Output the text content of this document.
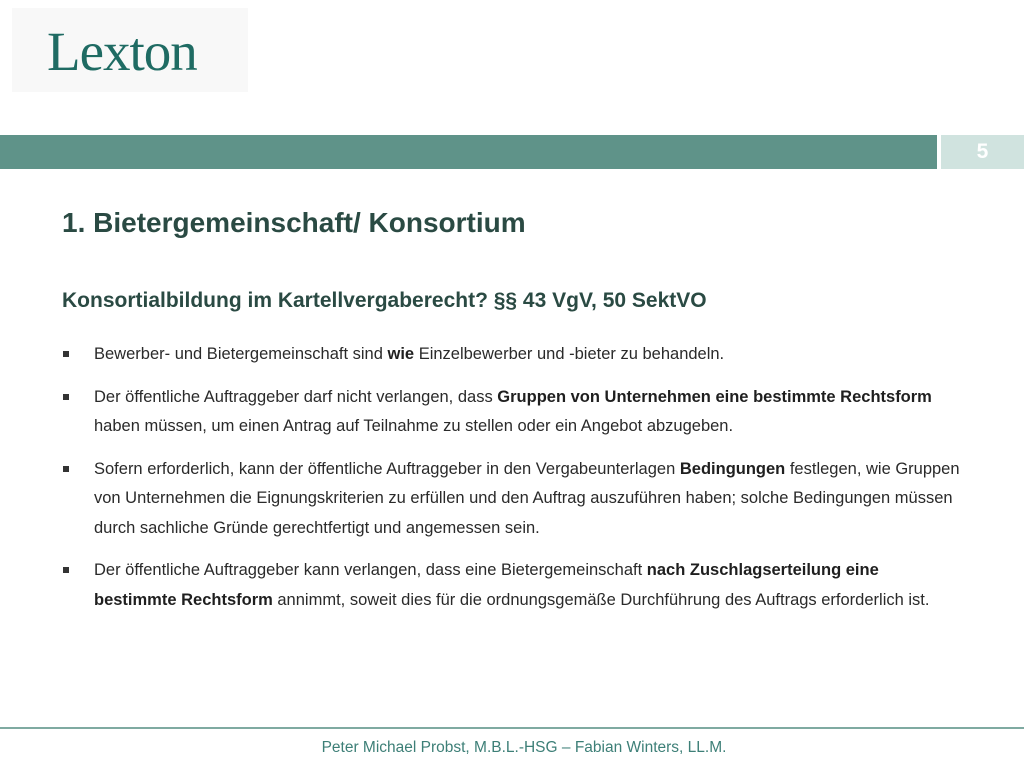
Lexton
5
1. Bietergemeinschaft/ Konsortium
Konsortialbildung im Kartellvergaberecht? §§ 43 VgV, 50 SektVO
Bewerber- und Bietergemeinschaft sind wie Einzelbewerber und -bieter zu behandeln.
Der öffentliche Auftraggeber darf nicht verlangen, dass Gruppen von Unternehmen eine bestimmte Rechtsform haben müssen, um einen Antrag auf Teilnahme zu stellen oder ein Angebot abzugeben.
Sofern erforderlich, kann der öffentliche Auftraggeber in den Vergabeunterlagen Bedingungen festlegen, wie Gruppen von Unternehmen die Eignungskriterien zu erfüllen und den Auftrag auszuführen haben; solche Bedingungen müssen durch sachliche Gründe gerechtfertigt und angemessen sein.
Der öffentliche Auftraggeber kann verlangen, dass eine Bietergemeinschaft nach Zuschlagserteilung eine bestimmte Rechtsform annimmt, soweit dies für die ordnungsgemäße Durchführung des Auftrags erforderlich ist.
Peter Michael Probst, M.B.L.-HSG – Fabian Winters, LL.M.
